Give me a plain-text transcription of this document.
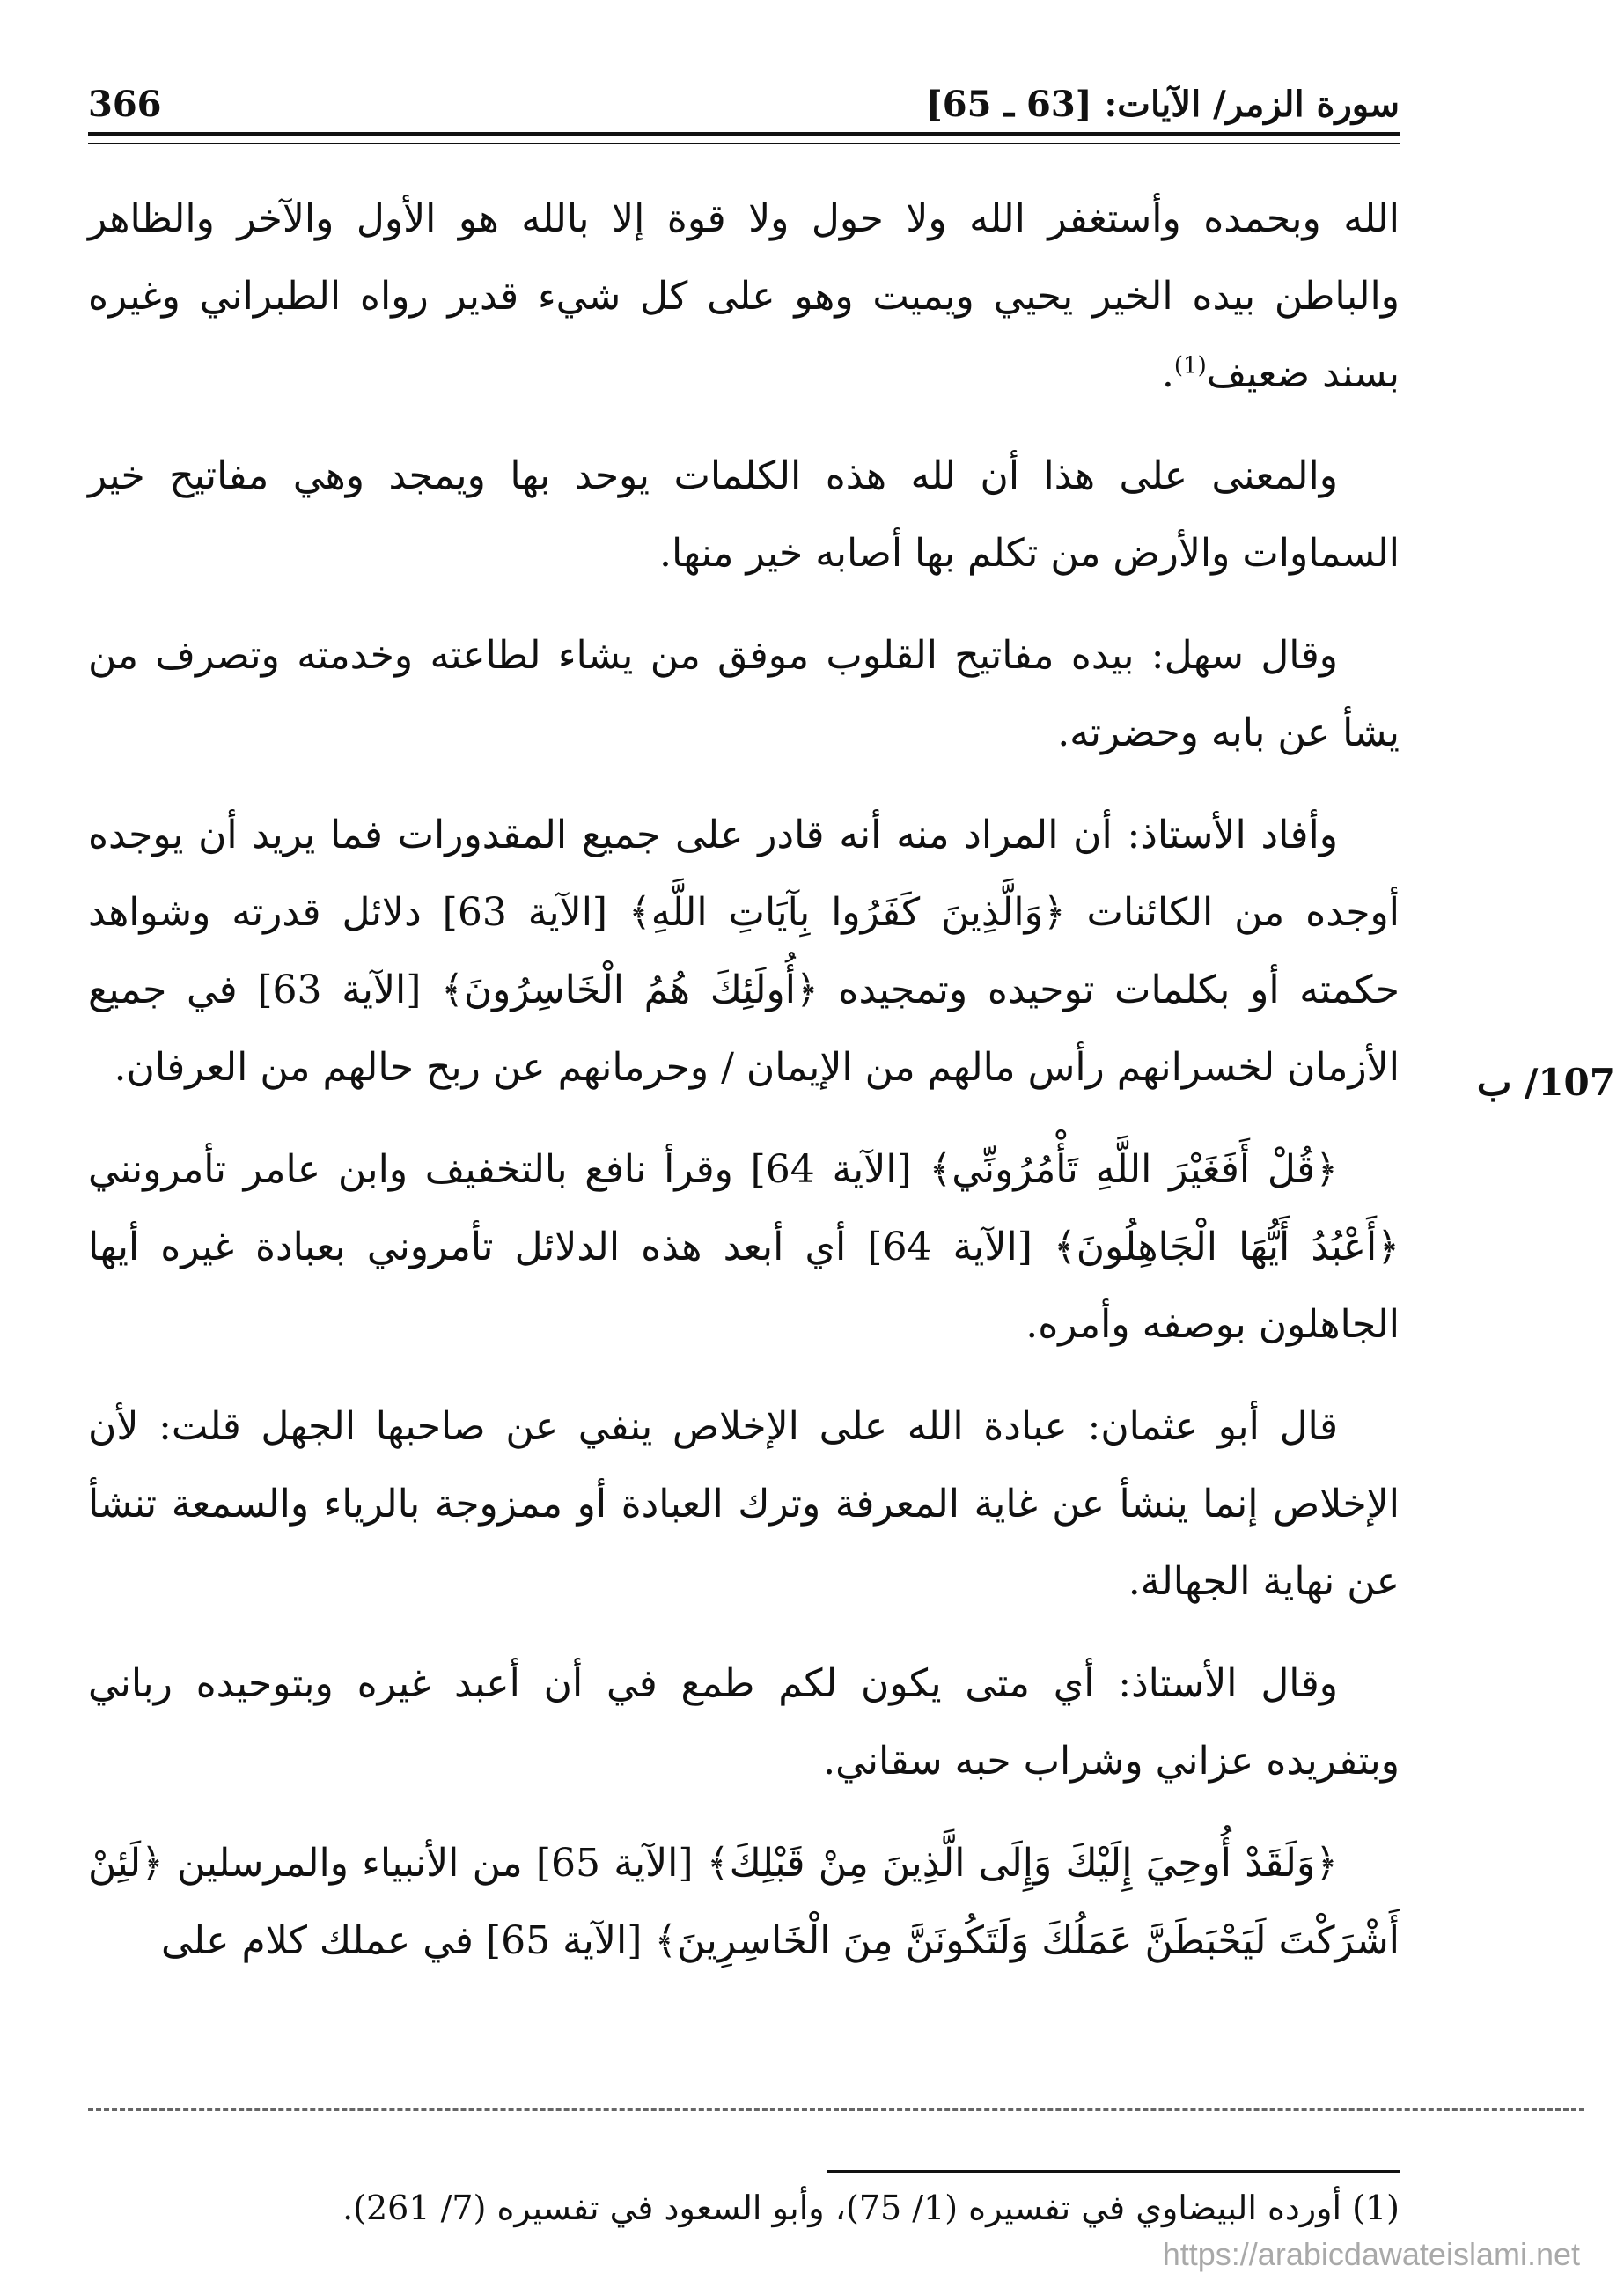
سورة الزمر/ الآيات: [63 ـ 65]
366

الله وبحمده وأستغفر الله ولا حول ولا قوة إلا بالله هو الأول والآخر والظاهر والباطن بيده الخير يحيي ويميت وهو على كل شيء قدير رواه الطبراني وغيره بسند ضعيف$^{(1)}$.

والمعنى على هذا أن لله هذه الكلمات يوحد بها ويمجد وهي مفاتيح خير السماوات والأرض من تكلم بها أصابه خير منها.

وقال سهل: بيده مفاتيح القلوب موفق من يشاء لطاعته وخدمته وتصرف من يشأ عن بابه وحضرته.

وأفاد الأستاذ: أن المراد منه أنه قادر على جميع المقدورات فما يريد أن يوجده أوجده من الكائنات ﴿وَالَّذِينَ كَفَرُوا بِآيَاتِ اللَّهِ﴾ [الآية 63] دلائل قدرته وشواهد حكمته أو بكلمات توحيده وتمجيده ﴿أُولَئِكَ هُمُ الْخَاسِرُونَ﴾ [الآية 63] في جميع الأزمان لخسرانهم رأس مالهم من الإيمان / وحرمانهم عن ربح حالهم من العرفان.

﴿قُلْ أَفَغَيْرَ اللَّهِ تَأْمُرُونِّي﴾ [الآية 64] وقرأ نافع بالتخفيف وابن عامر تأمرونني ﴿أَعْبُدُ أَيُّهَا الْجَاهِلُونَ﴾ [الآية 64] أي أبعد هذه الدلائل تأمروني بعبادة غيره أيها الجاهلون بوصفه وأمره.

قال أبو عثمان: عبادة الله على الإخلاص ينفي عن صاحبها الجهل قلت: لأن الإخلاص إنما ينشأ عن غاية المعرفة وترك العبادة أو ممزوجة بالرياء والسمعة تنشأ عن نهاية الجهالة.

وقال الأستاذ: أي متى يكون لكم طمع في أن أعبد غيره وبتوحيده رباني وبتفريده عزاني وشراب حبه سقاني.

﴿وَلَقَدْ أُوحِيَ إِلَيْكَ وَإِلَى الَّذِينَ مِنْ قَبْلِكَ﴾ [الآية 65] من الأنبياء والمرسلين ﴿لَئِنْ أَشْرَكْتَ لَيَحْبَطَنَّ عَمَلُكَ وَلَتَكُونَنَّ مِنَ الْخَاسِرِينَ﴾ [الآية 65] في عملك كلام على

107/ ب
(1) أورده البيضاوي في تفسيره (1/ 75)، وأبو السعود في تفسيره (7/ 261).
https://arabicdawateislami.net
